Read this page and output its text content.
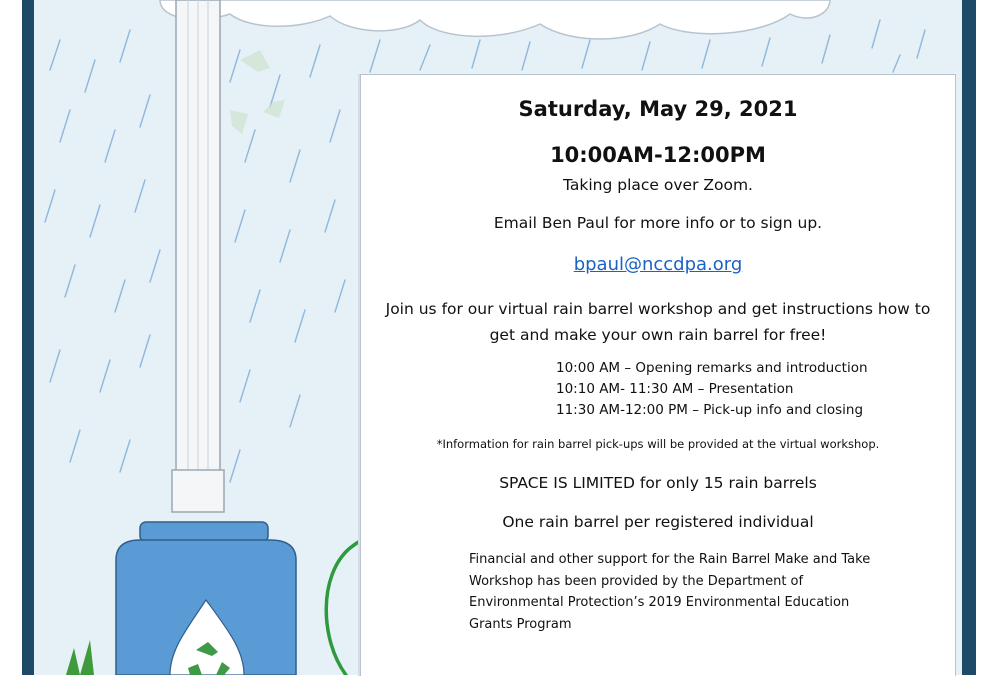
Saturday, May 29, 2021
10:00AM-12:00PM
Taking place over Zoom.
Email Ben Paul for more info or to sign up.
bpaul@nccdpa.org
Join us for our virtual rain barrel workshop and get instructions how to get and make your own rain barrel for free!
10:00 AM – Opening remarks and introduction
10:10 AM- 11:30 AM – Presentation
11:30 AM-12:00 PM – Pick-up info and closing
*Information for rain barrel pick-ups will be provided at the virtual workshop.
SPACE IS LIMITED for only 15 rain barrels
One rain barrel per registered individual
Financial and other support for the Rain Barrel Make and Take Workshop has been provided by the Department of Environmental Protection’s 2019 Environmental Education Grants Program
